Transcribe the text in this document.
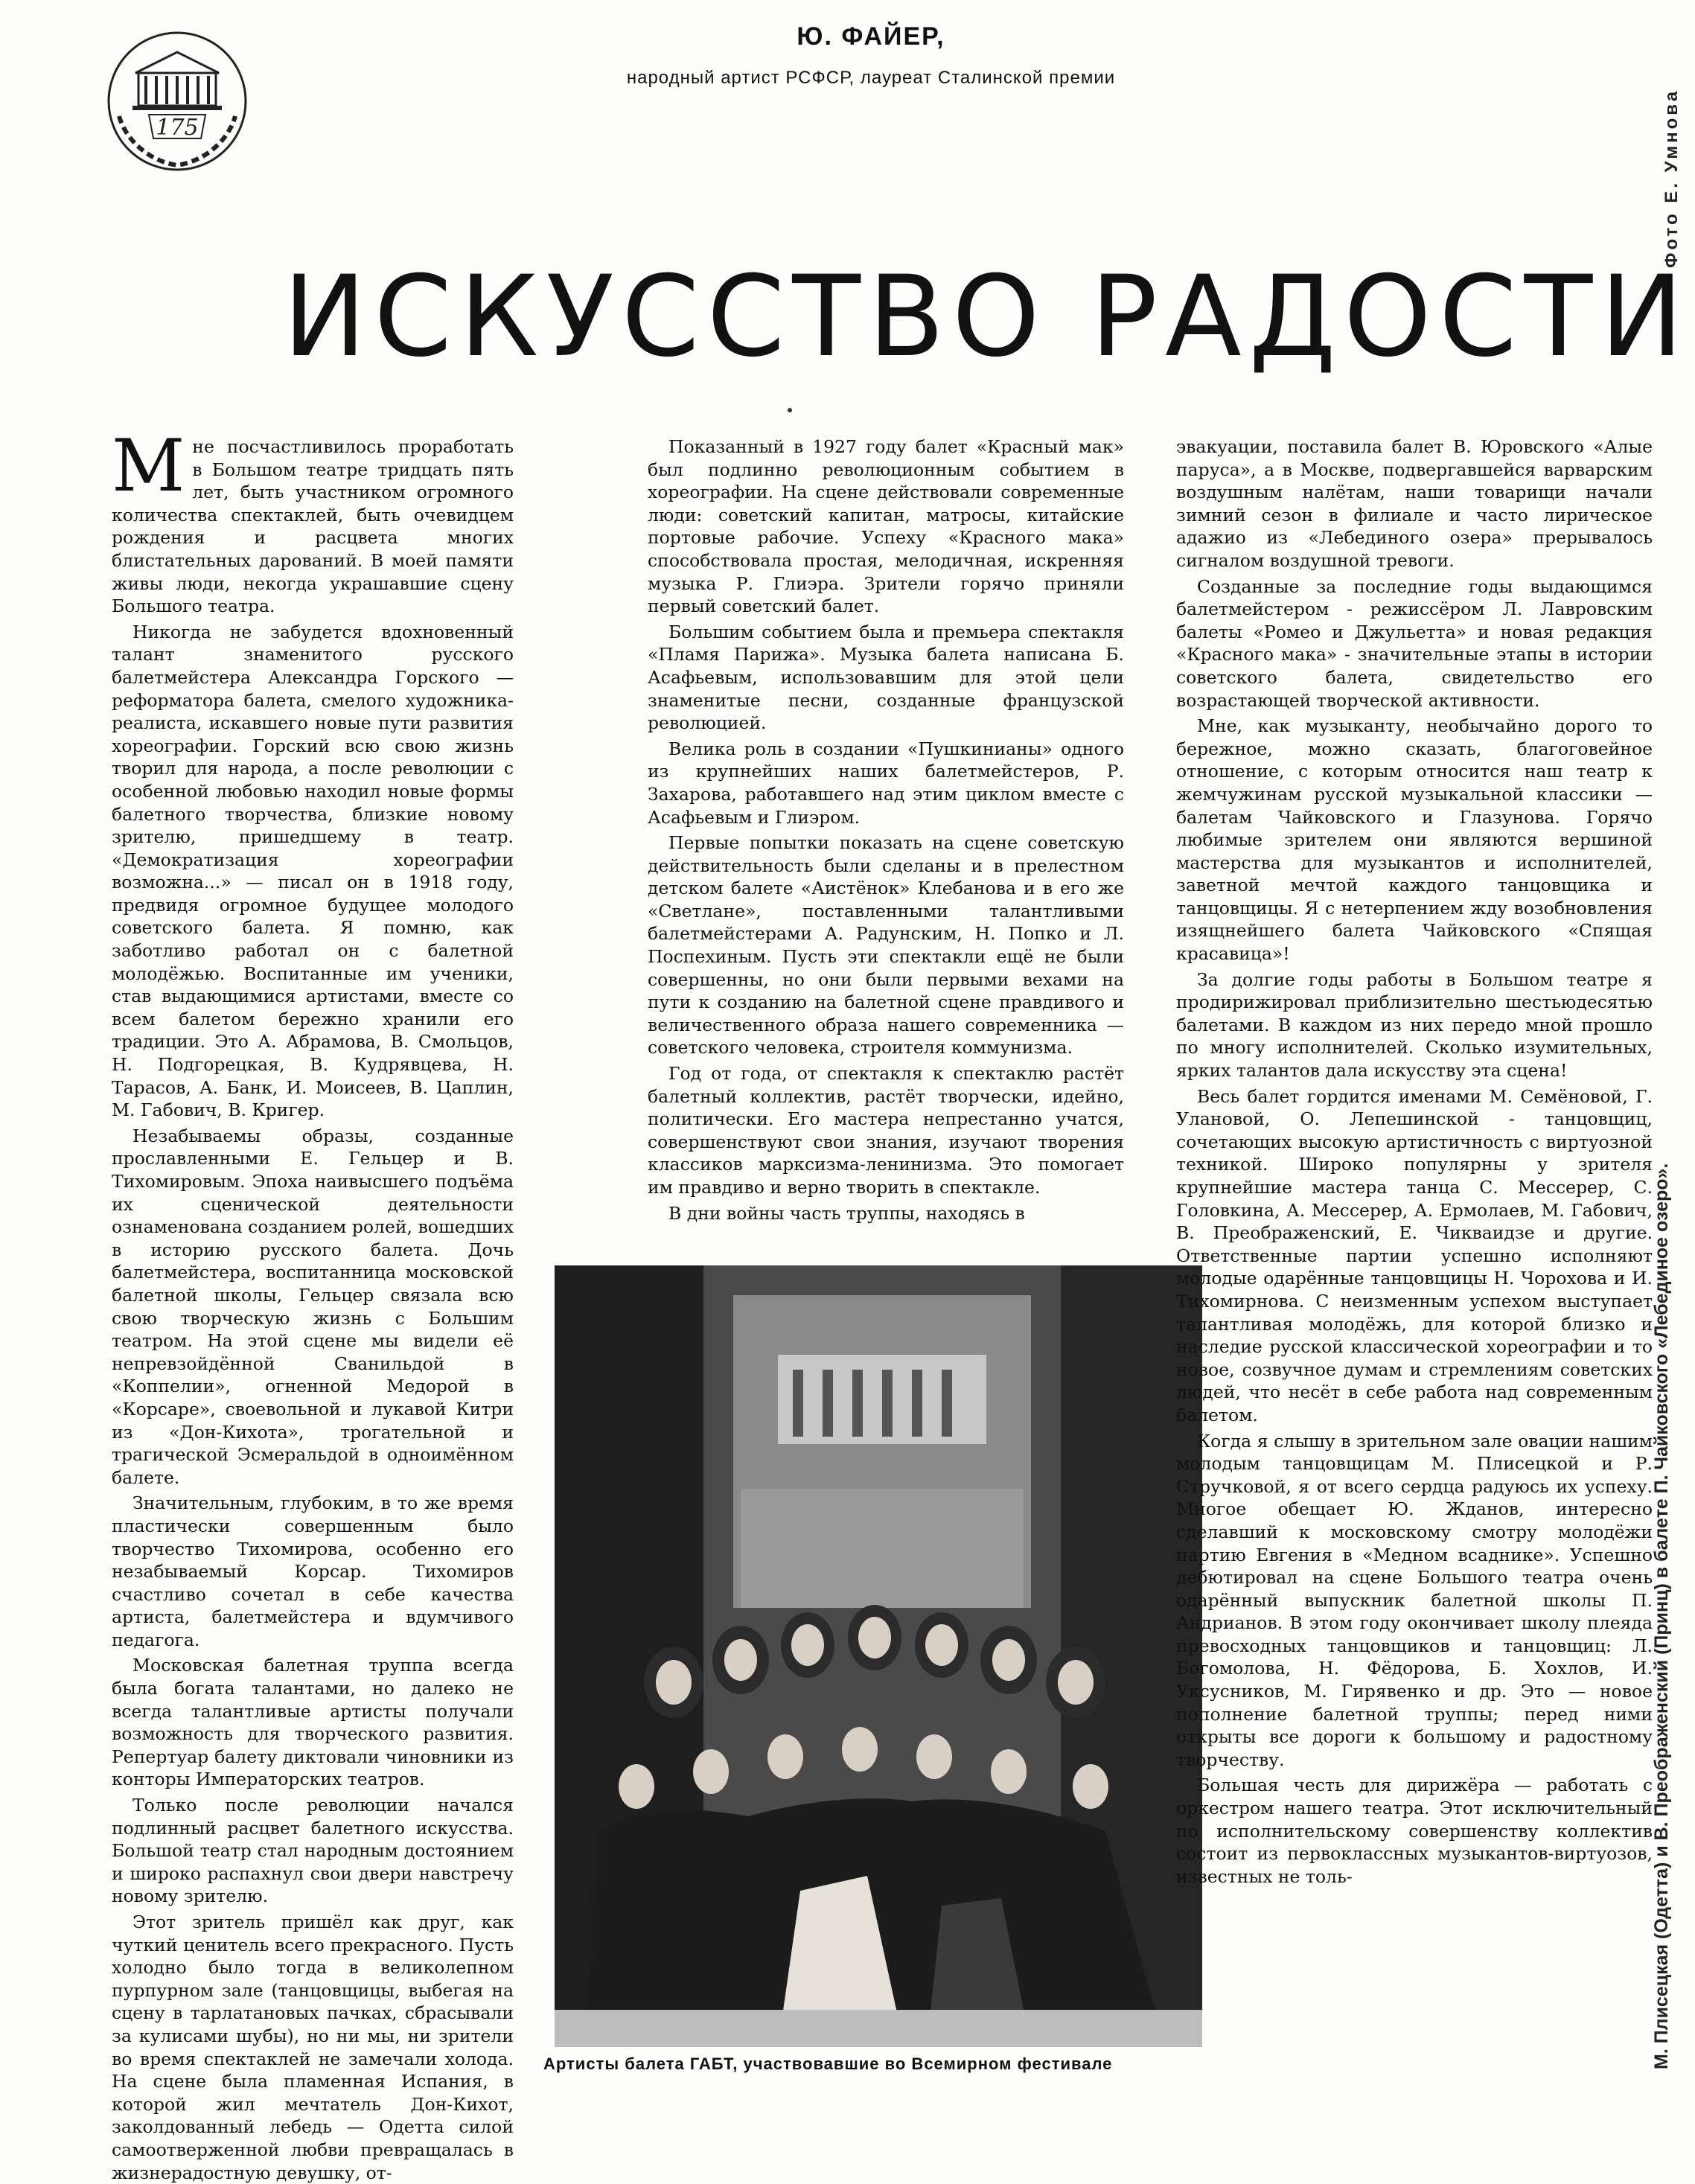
175
Ю. ФАЙЕР,
народный артист РСФСР, лауреат Сталинской премии
Фото Е. Умнова
ИСКУССТВО РАДОСТИ

Мне посчастливилось проработать в Большом театре тридцать пять лет, быть участником огромного количества спектаклей, быть очевидцем рождения и расцвета многих блистательных дарований. В моей памяти живы люди, некогда украшавшие сцену Большого театра.

Никогда не забудется вдохновенный талант знаменитого русского балетмейстера Александра Горского — реформатора балета, смелого художника-реалиста, искавшего новые пути развития хореографии. Горский всю свою жизнь творил для народа, а после революции с особенной любовью находил новые формы балетного творчества, близкие новому зрителю, пришедшему в театр. «Демократизация хореографии возможна...» — писал он в 1918 году, предвидя огромное будущее молодого советского балета. Я помню, как заботливо работал он с балетной молодёжью. Воспитанные им ученики, став выдающимися артистами, вместе со всем балетом бережно хранили его традиции. Это А. Абрамова, В. Смольцов, Н. Подгорецкая, В. Кудрявцева, Н. Тарасов, А. Банк, И. Моисеев, В. Цаплин, М. Габович, В. Кригер.

Незабываемы образы, созданные прославленными Е. Гельцер и В. Тихомировым. Эпоха наивысшего подъёма их сценической деятельности ознаменована созданием ролей, вошедших в историю русского балета. Дочь балетмейстера, воспитанница московской балетной школы, Гельцер связала всю свою творческую жизнь с Большим театром. На этой сцене мы видели её непревзойдённой Сванильдой в «Коппелии», огненной Медорой в «Корсаре», своевольной и лукавой Китри из «Дон-Кихота», трогательной и трагической Эсмеральдой в одноимённом балете.

Значительным, глубоким, в то же время пластически совершенным было творчество Тихомирова, особенно его незабываемый Корсар. Тихомиров счастливо сочетал в себе качества артиста, балетмейстера и вдумчивого педагога.

Московская балетная труппа всегда была богата талантами, но далеко не всегда талантливые артисты получали возможность для творческого развития. Репертуар балету диктовали чиновники из конторы Императорских театров.

Только после революции начался подлинный расцвет балетного искусства. Большой театр стал народным достоянием и широко распахнул свои двери навстречу новому зрителю.

Этот зритель пришёл как друг, как чуткий ценитель всего прекрасного. Пусть холодно было тогда в великолепном пурпурном зале (танцовщицы, выбегая на сцену в тарлатановых пачках, сбрасывали за кулисами шубы), но ни мы, ни зрители во время спектаклей не замечали холода. На сцене была пламенная Испания, в которой жил мечтатель Дон-Кихот, заколдованный лебедь — Одетта силой самоотверженной любви превращалась в жизнерадостную девушку, от-

Показанный в 1927 году балет «Красный мак» был подлинно революционным событием в хореографии. На сцене действовали современные люди: советский капитан, матросы, китайские портовые рабочие. Успеху «Красного мака» способствовала простая, мелодичная, искренняя музыка Р. Глиэра. Зрители горячо приняли первый советский балет.

Большим событием была и премьера спектакля «Пламя Парижа». Музыка балета написана Б. Асафьевым, использовавшим для этой цели знаменитые песни, созданные французской революцией.

Велика роль в создании «Пушкинианы» одного из крупнейших наших балетмейстеров, Р. Захарова, работавшего над этим циклом вместе с Асафьевым и Глиэром.

Первые попытки показать на сцене советскую действительность были сделаны и в прелестном детском балете «Аистёнок» Клебанова и в его же «Светлане», поставленными талантливыми балетмейстерами А. Радунским, Н. Попко и Л. Поспехиным. Пусть эти спектакли ещё не были совершенны, но они были первыми вехами на пути к созданию на балетной сцене правдивого и величественного образа нашего современника — советского человека, строителя коммунизма.

Год от года, от спектакля к спектаклю растёт балетный коллектив, растёт творчески, идейно, политически. Его мастера непрестанно учатся, совершенствуют свои знания, изучают творения классиков марксизма-ленинизма. Это помогает им правдиво и верно творить в спектакле.

В дни войны часть труппы, находясь в

Артисты балета ГАБТ, участвовавшие во Всемирном фестивале

эвакуации, поставила балет В. Юровского «Алые паруса», а в Москве, подвергавшейся варварским воздушным налётам, наши товарищи начали зимний сезон в филиале и часто лирическое адажио из «Лебединого озера» прерывалось сигналом воздушной тревоги.

Созданные за последние годы выдающимся балетмейстером - режиссёром Л. Лавровским балеты «Ромео и Джульетта» и новая редакция «Красного мака» - значительные этапы в истории советского балета, свидетельство его возрастающей творческой активности.

Мне, как музыканту, необычайно дорого то бережное, можно сказать, благоговейное отношение, с которым относится наш театр к жемчужинам русской музыкальной классики — балетам Чайковского и Глазунова. Горячо любимые зрителем они являются вершиной мастерства для музыкантов и исполнителей, заветной мечтой каждого танцовщика и танцовщицы. Я с нетерпением жду возобновления изящнейшего балета Чайковского «Спящая красавица»!

За долгие годы работы в Большом театре я продирижировал приблизительно шестьюдесятью балетами. В каждом из них передо мной прошло по многу исполнителей. Сколько изумительных, ярких талантов дала искусству эта сцена!

Весь балет гордится именами М. Семёновой, Г. Улановой, О. Лепешинской - танцовщиц, сочетающих высокую артистичность с виртуозной техникой. Широко популярны у зрителя крупнейшие мастера танца С. Мессерер, С. Головкина, А. Мессерер, А. Ермолаев, М. Габович, В. Преображенский, Е. Чикваидзе и другие. Ответственные партии успешно исполняют молодые одарённые танцовщицы Н. Чорохова и И. Тихомирнова. С неизменным успехом выступает талантливая молодёжь, для которой близко и наследие русской классической хореографии и то новое, созвучное думам и стремлениям советских людей, что несёт в себе работа над современным балетом.

Когда я слышу в зрительном зале овации нашим молодым танцовщицам М. Плисецкой и Р. Стручковой, я от всего сердца радуюсь их успеху. Многое обещает Ю. Жданов, интересно сделавший к московскому смотру молодёжи партию Евгения в «Медном всаднике». Успешно дебютировал на сцене Большого театра очень одарённый выпускник балетной школы П. Андрианов. В этом году окончивает школу плеяда превосходных танцовщиков и танцовщиц: Л. Богомолова, Н. Фёдорова, Б. Хохлов, И. Уксусников, М. Гирявенко и др. Это — новое пополнение балетной труппы; перед ними открыты все дороги к большому и радостному творчеству.

Большая честь для дирижёра — работать с оркестром нашего театра. Этот исключительный по исполнительскому совершенству коллектив состоит из первоклассных музыкантов-виртуозов, известных не толь-	М. Плисецкая (Одетта) и В. Преображенский (Принц) в балете П. Чайковского «Лебединое озеро».
